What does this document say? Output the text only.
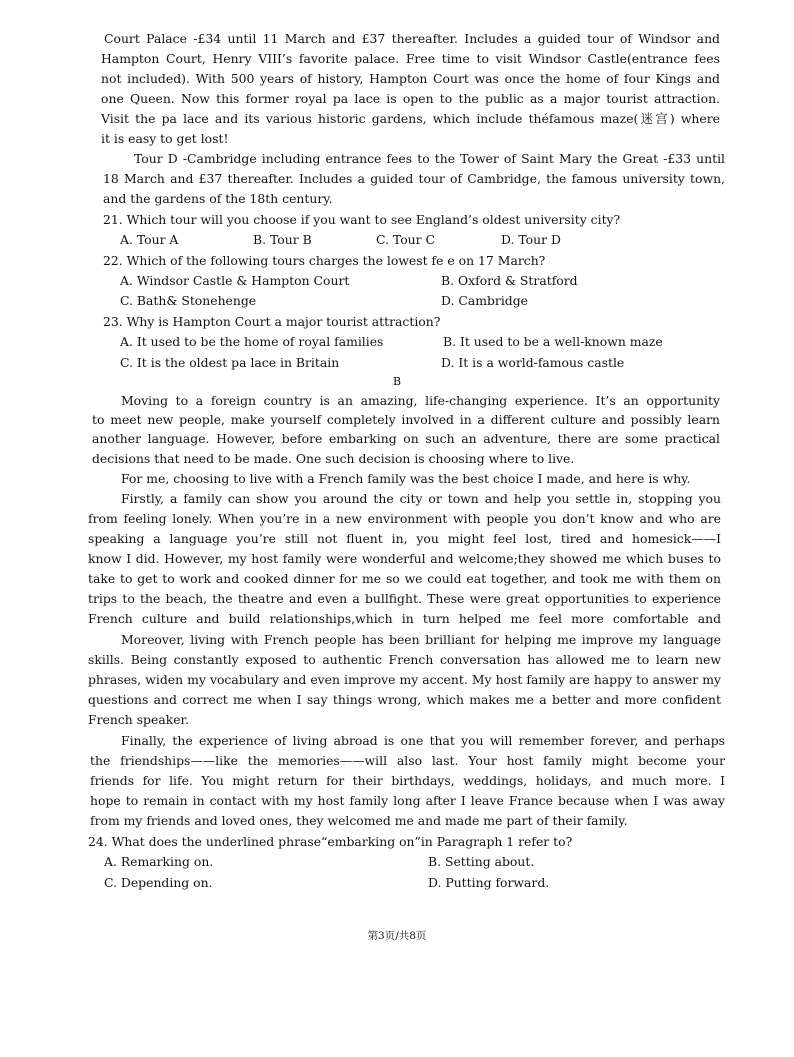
Court Palace -£34 until 11 March and £37 thereafter. Includes a guided tour of Windsor and
Hampton Court, Henry VIII’s favorite palace. Free time to visit Windsor Castle(entrance fees
not included). With 500 years of history, Hampton Court was once the home of four Kings and
one Queen. Now this former royal pa lace is open to the public as a major tourist attraction.
Visit the pa lace and its various historic gardens, which include théfamous maze(迷宫) where
it is easy to get lost!
Tour D -Cambridge including entrance fees to the Tower of Saint Mary the Great -£33 until
18 March and £37 thereafter. Includes a guided tour of Cambridge, the famous university town,
and the gardens of the 18th century.
21. Which tour will you choose if you want to see England’s oldest university city?
A. Tour A	B. Tour B	C. Tour C	D. Tour D
22. Which of the following tours charges the lowest fe e on 17 March?
A. Windsor Castle & Hampton Court	B. Oxford & Stratford
C. Bath& Stonehenge	D. Cambridge
23. Why is Hampton Court a major tourist attraction?
A. It used to be the home of royal families	B. It used to be a well-known maze
C. It is the oldest pa lace in Britain	D. It is a world-famous castle
B
Moving to a foreign country is an amazing, life-changing experience. It’s an opportunity
to meet new people, make yourself completely involved in a different culture and possibly learn
another language. However, before embarking on such an adventure, there are some practical
decisions that need to be made. One such decision is choosing where to live.
For me, choosing to live with a French family was the best choice I made, and here is why.
Firstly, a family can show you around the city or town and help you settle in, stopping you
from feeling lonely. When you’re in a new environment with people you don’t know and who are
speaking a language you’re still not fluent in, you might feel lost, tired and homesick——I
know I did. However, my host family were wonderful and welcome;they showed me which buses to
take to get to work and cooked dinner for me so we could eat together, and took me with them on
trips to the beach, the theatre and even a bullfight. These were great opportunities to experience
French culture and build relationships,which in turn helped me feel more comfortable and
Moreover, living with French people has been brilliant for helping me improve my language
skills. Being constantly exposed to authentic French conversation has allowed me to learn new
phrases, widen my vocabulary and even improve my accent. My host family are happy to answer my
questions and correct me when I say things wrong, which makes me a better and more confident
French speaker.
Finally, the experience of living abroad is one that you will remember forever, and perhaps
the friendships——like the memories——will also last. Your host family might become your
friends for life. You might return for their birthdays, weddings, holidays, and much more. I
hope to remain in contact with my host family long after I leave France because when I was away
from my friends and loved ones, they welcomed me and made me part of their family.
24. What does the underlined phrase“embarking on”in Paragraph 1 refer to?
A. Remarking on.	B. Setting about.
C. Depending on.	D. Putting forward.
第3页/共8页
